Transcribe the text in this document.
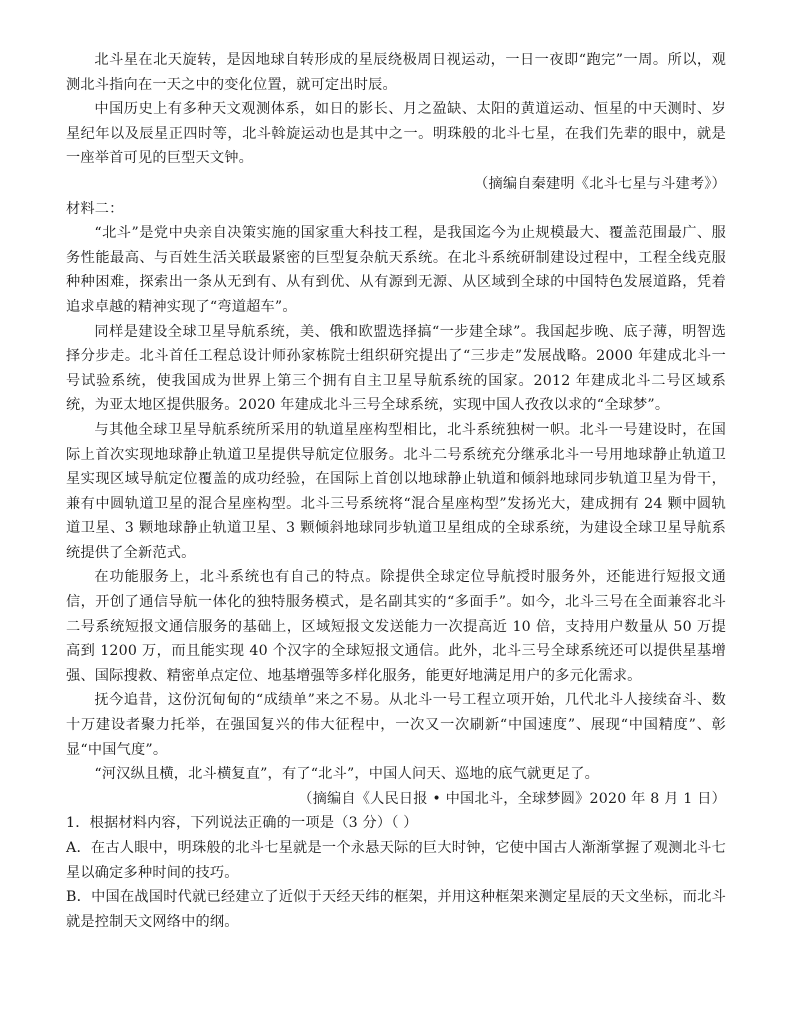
北斗星在北天旋转，是因地球自转形成的星辰绕极周日视运动，一日一夜即“跑完”一周。所以，观测北斗指向在一天之中的变化位置，就可定出时辰。

中国历史上有多种天文观测体系，如日的影长、月之盈缺、太阳的黄道运动、恒星的中天测时、岁星纪年以及辰星正四时等，北斗斡旋运动也是其中之一。明珠般的北斗七星，在我们先辈的眼中，就是一座举首可见的巨型天文钟。

（摘编自秦建明《北斗七星与斗建考》）

材料二：

“北斗”是党中央亲自决策实施的国家重大科技工程，是我国迄今为止规模最大、覆盖范围最广、服务性能最高、与百姓生活关联最紧密的巨型复杂航天系统。在北斗系统研制建设过程中，工程全线克服种种困难，探索出一条从无到有、从有到优、从有源到无源、从区域到全球的中国特色发展道路，凭着追求卓越的精神实现了“弯道超车”。

同样是建设全球卫星导航系统，美、俄和欧盟选择搞“一步建全球”。我国起步晚、底子薄，明智选择分步走。北斗首任工程总设计师孙家栋院士组织研究提出了“三步走”发展战略。2000 年建成北斗一号试验系统，使我国成为世界上第三个拥有自主卫星导航系统的国家。2012 年建成北斗二号区域系统，为亚太地区提供服务。2020 年建成北斗三号全球系统，实现中国人孜孜以求的“全球梦”。

与其他全球卫星导航系统所采用的轨道星座构型相比，北斗系统独树一帜。北斗一号建设时，在国际上首次实现地球静止轨道卫星提供导航定位服务。北斗二号系统充分继承北斗一号用地球静止轨道卫星实现区域导航定位覆盖的成功经验，在国际上首创以地球静止轨道和倾斜地球同步轨道卫星为骨干，兼有中圆轨道卫星的混合星座构型。北斗三号系统将“混合星座构型”发扬光大，建成拥有 24 颗中圆轨道卫星、3 颗地球静止轨道卫星、3 颗倾斜地球同步轨道卫星组成的全球系统，为建设全球卫星导航系统提供了全新范式。

在功能服务上，北斗系统也有自己的特点。除提供全球定位导航授时服务外，还能进行短报文通信，开创了通信导航一体化的独特服务模式，是名副其实的“多面手”。如今，北斗三号在全面兼容北斗二号系统短报文通信服务的基础上，区域短报文发送能力一次提高近 10 倍，支持用户数量从 50 万提高到 1200 万，而且能实现 40 个汉字的全球短报文通信。此外，北斗三号全球系统还可以提供星基增强、国际搜救、精密单点定位、地基增强等多样化服务，能更好地满足用户的多元化需求。

抚今追昔，这份沉甸甸的“成绩单”来之不易。从北斗一号工程立项开始，几代北斗人接续奋斗、数十万建设者聚力托举，在强国复兴的伟大征程中，一次又一次刷新“中国速度”、展现“中国精度”、彰显“中国气度”。

“河汉纵且横，北斗横复直”，有了“北斗”，中国人问天、巡地的底气就更足了。

（摘编自《人民日报 • 中国北斗，全球梦圆》2020 年 8 月 1 日）

1．根据材料内容，下列说法正确的一项是（3 分）（ ）

A．在古人眼中，明珠般的北斗七星就是一个永悬天际的巨大时钟，它使中国古人渐渐掌握了观测北斗七星以确定多种时间的技巧。

B．中国在战国时代就已经建立了近似于天经天纬的框架，并用这种框架来测定星辰的天文坐标，而北斗就是控制天文网络中的纲。
